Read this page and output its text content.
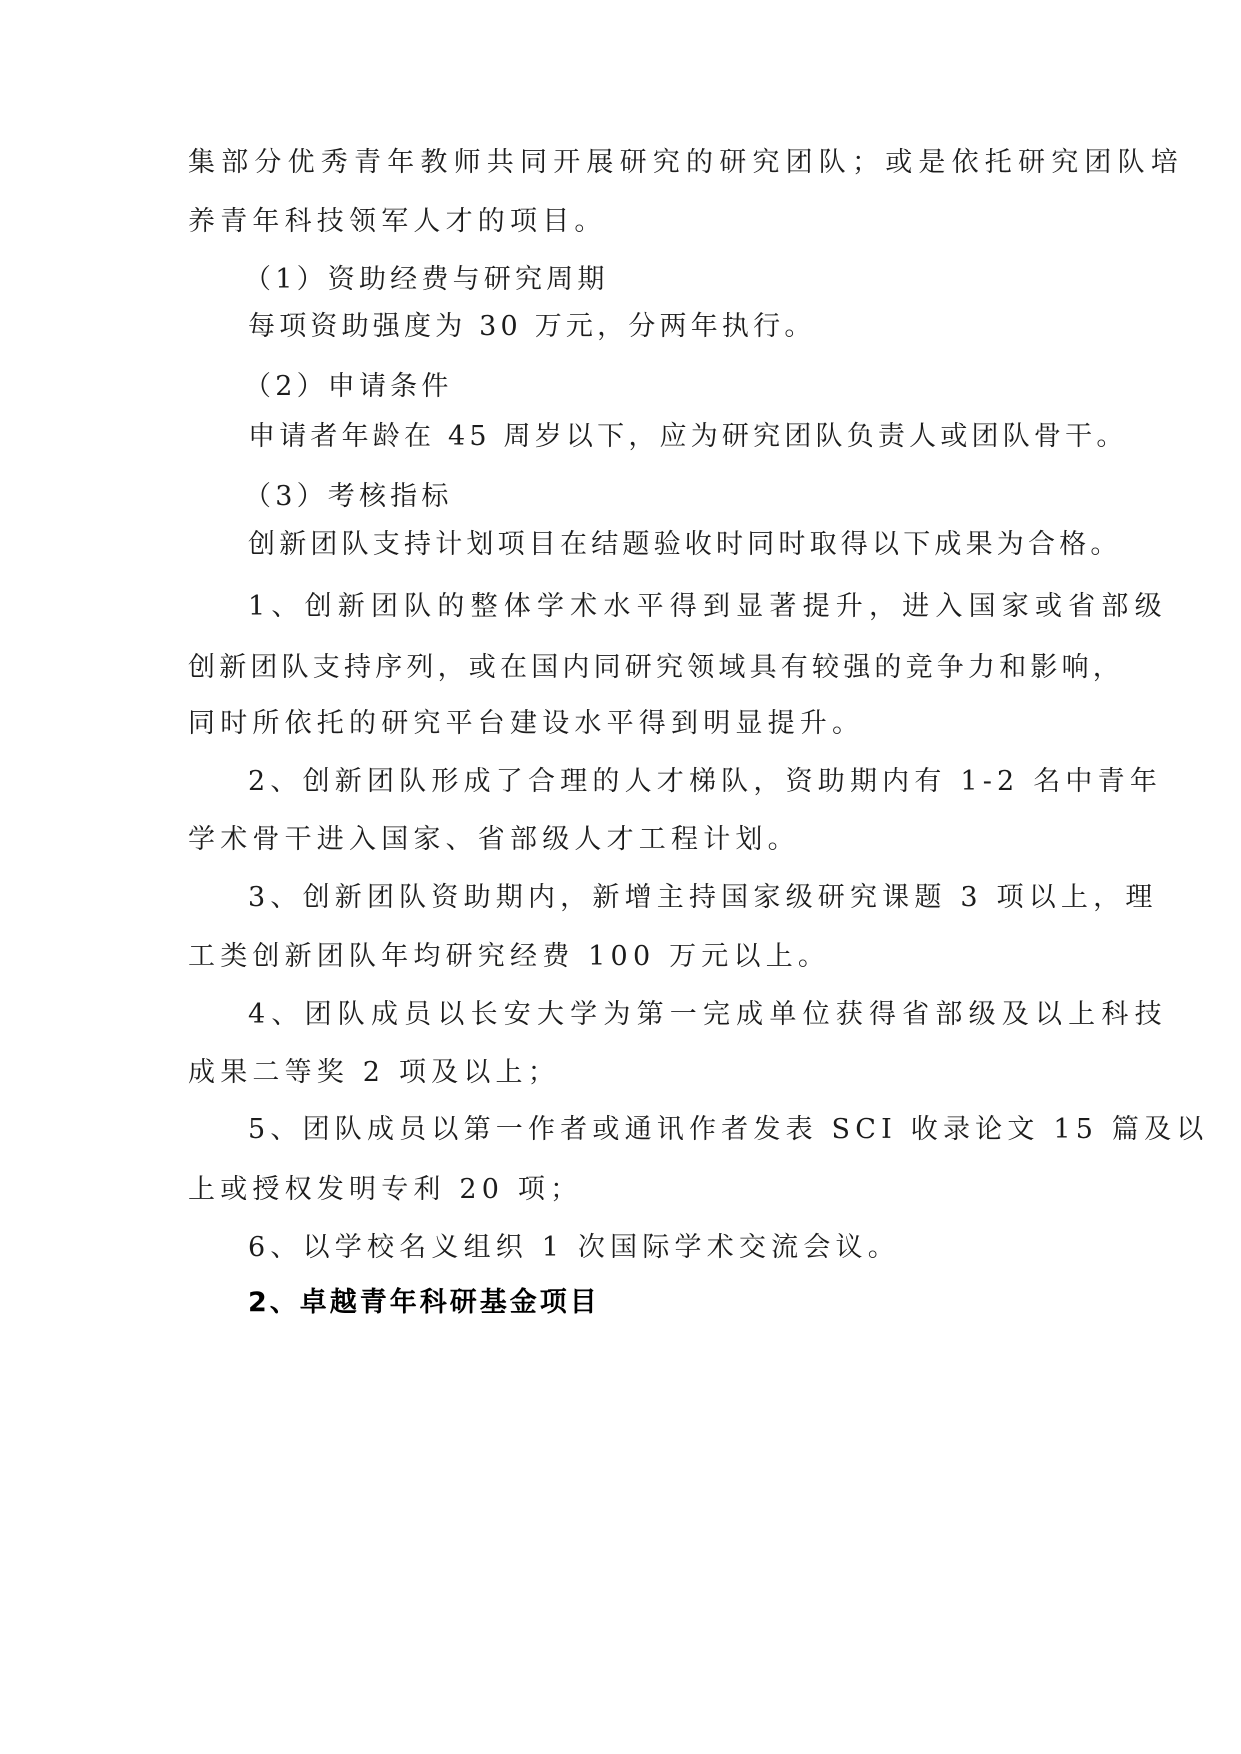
集部分优秀青年教师共同开展研究的研究团队；或是依托研究团队培
养青年科技领军人才的项目。
（1）资助经费与研究周期
每项资助强度为 30 万元，分两年执行。
（2）申请条件
申请者年龄在 45 周岁以下，应为研究团队负责人或团队骨干。
（3）考核指标
创新团队支持计划项目在结题验收时同时取得以下成果为合格。
1、创新团队的整体学术水平得到显著提升，进入国家或省部级
创新团队支持序列，或在国内同研究领域具有较强的竞争力和影响，
同时所依托的研究平台建设水平得到明显提升。
2、创新团队形成了合理的人才梯队，资助期内有 1-2 名中青年
学术骨干进入国家、省部级人才工程计划。
3、创新团队资助期内，新增主持国家级研究课题 3 项以上，理
工类创新团队年均研究经费 100 万元以上。
4、团队成员以长安大学为第一完成单位获得省部级及以上科技
成果二等奖 2 项及以上；
5、团队成员以第一作者或通讯作者发表 SCI 收录论文 15 篇及以
上或授权发明专利 20 项；
6、以学校名义组织 1 次国际学术交流会议。
2、卓越青年科研基金项目
